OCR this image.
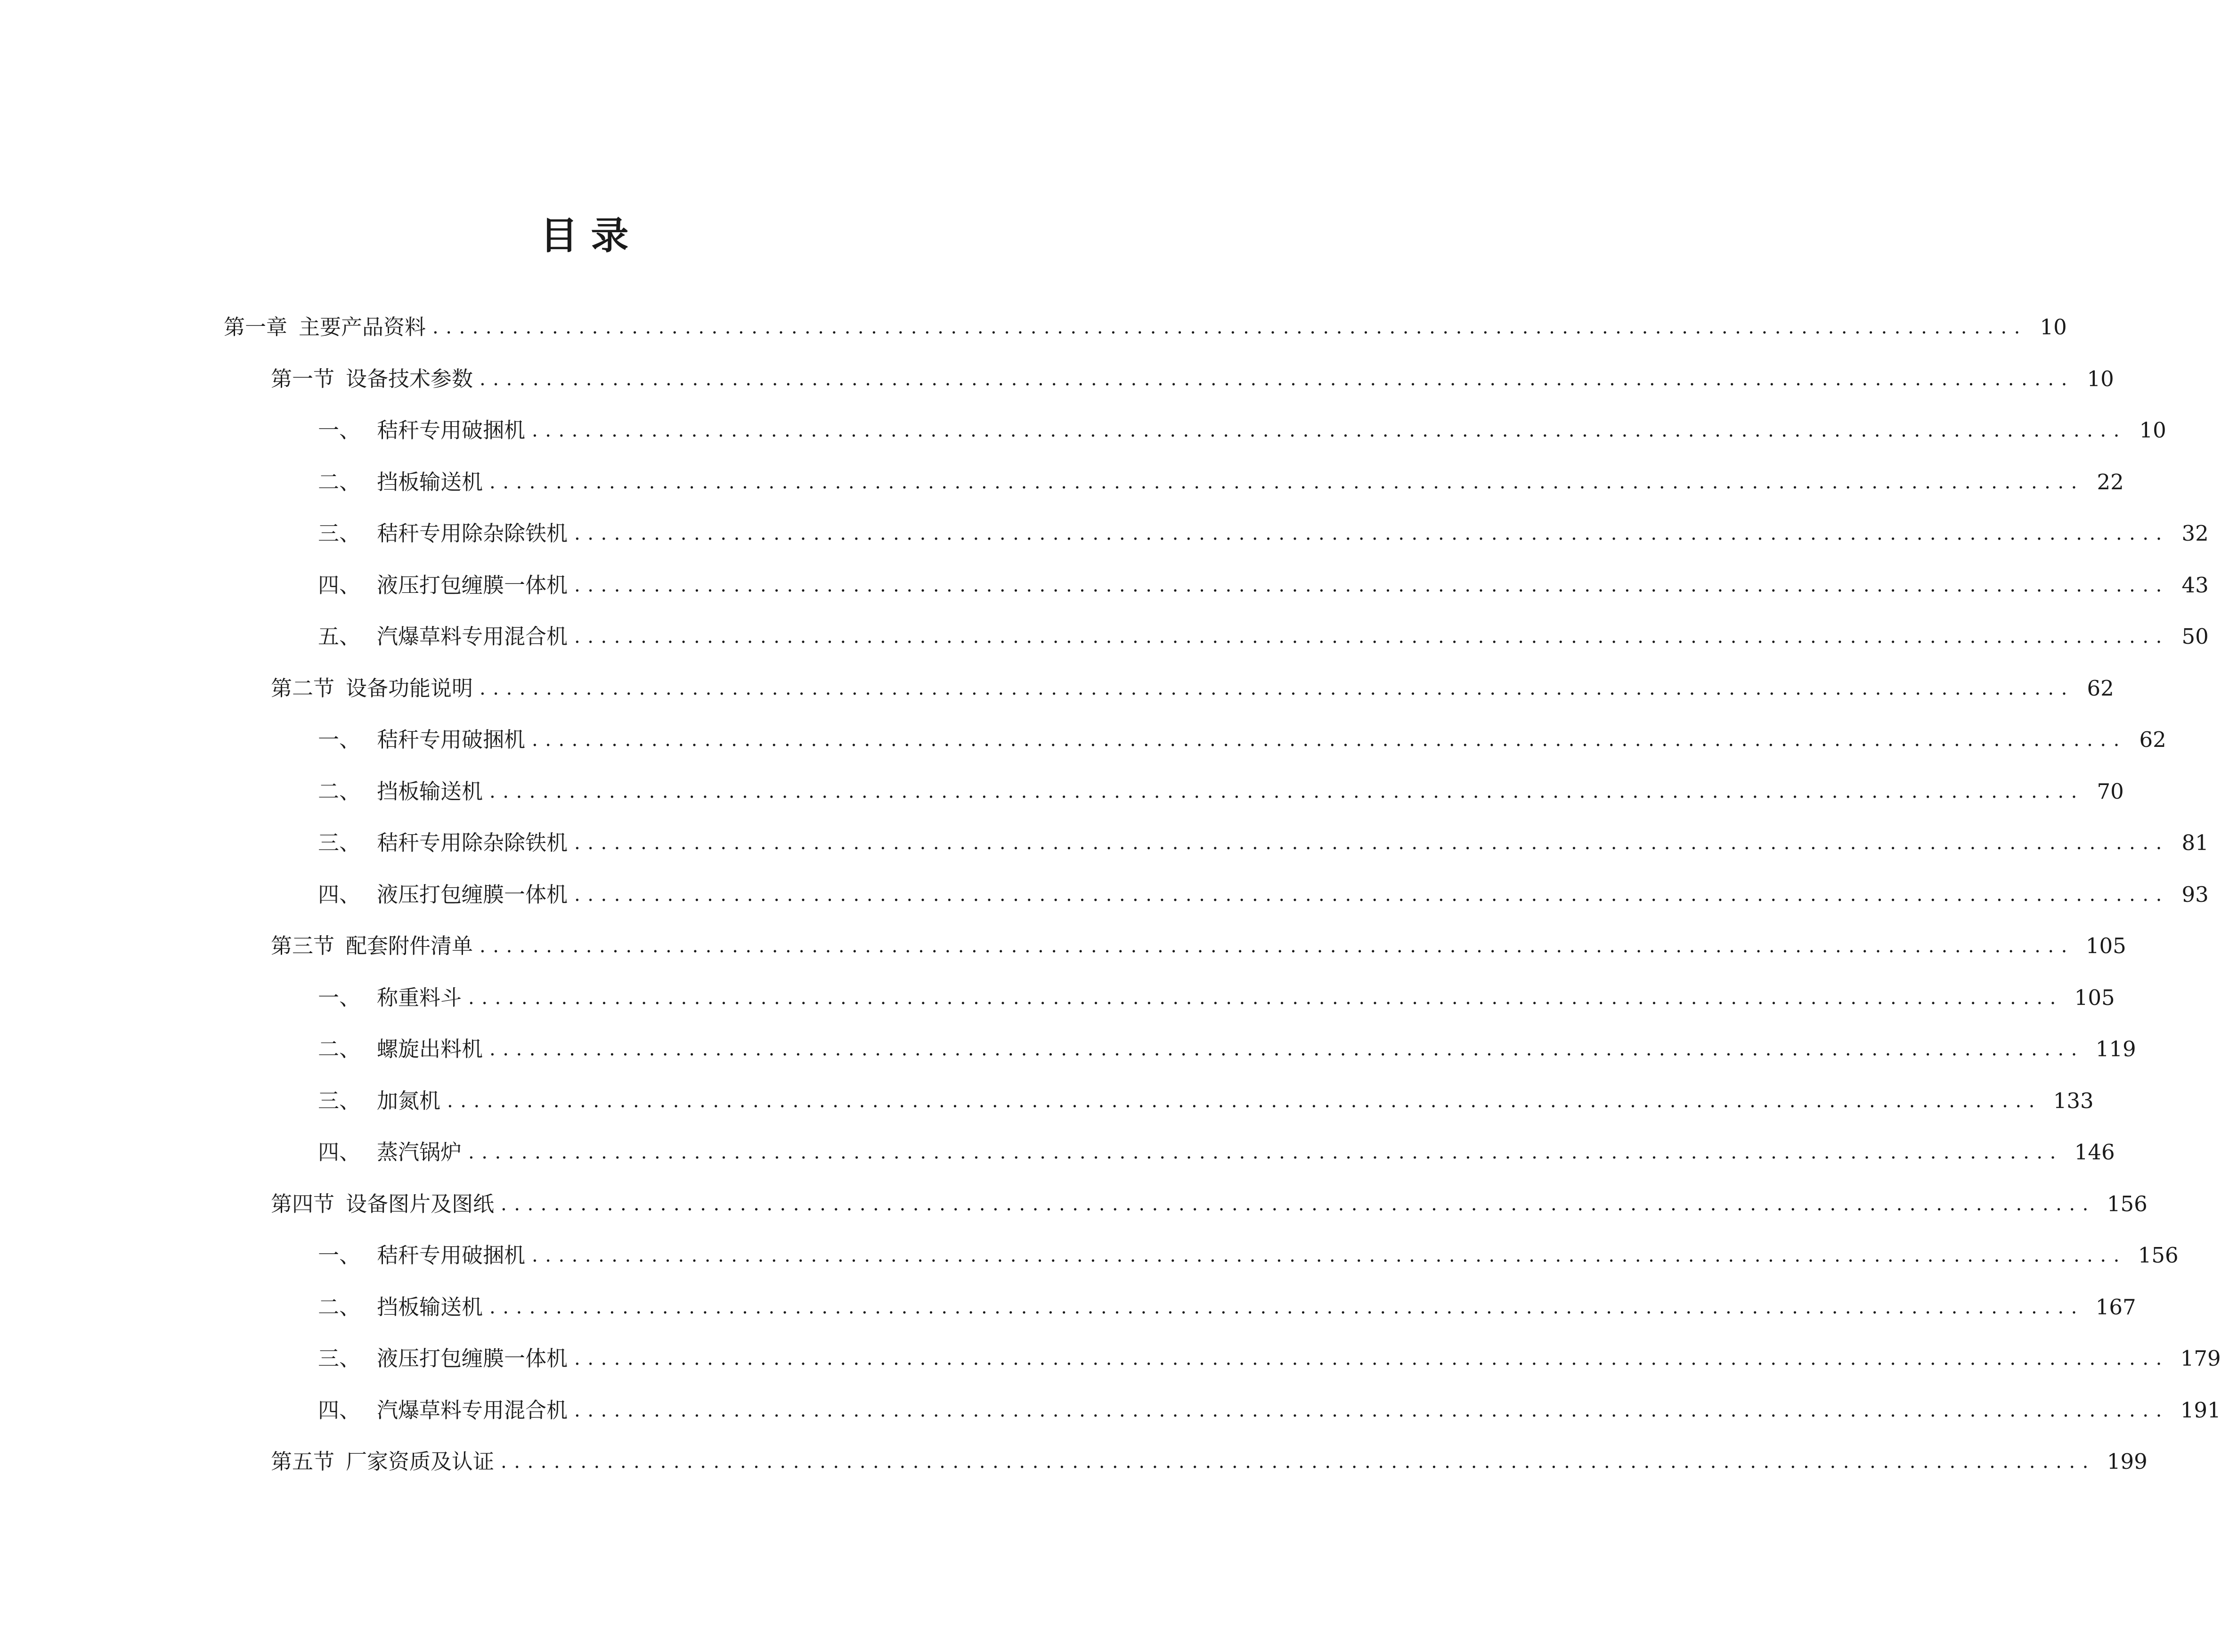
目 录
第一章 主要产品资料 ........................................................................................................................ 10
第一节 设备技术参数 ........................................................................................................................ 10
一、 秸秆专用破捆机 ........................................................................................................................ 10
二、 挡板输送机 ........................................................................................................................ 22
三、 秸秆专用除杂除铁机 ........................................................................................................................ 32
四、 液压打包缠膜一体机 ........................................................................................................................ 43
五、 汽爆草料专用混合机 ........................................................................................................................ 50
第二节 设备功能说明 ........................................................................................................................ 62
一、 秸秆专用破捆机 ........................................................................................................................ 62
二、 挡板输送机 ........................................................................................................................ 70
三、 秸秆专用除杂除铁机 ........................................................................................................................ 81
四、 液压打包缠膜一体机 ........................................................................................................................ 93
第三节 配套附件清单 ........................................................................................................................ 105
一、 称重料斗 ........................................................................................................................ 105
二、 螺旋出料机 ........................................................................................................................ 119
三、 加氮机 ........................................................................................................................ 133
四、 蒸汽锅炉 ........................................................................................................................ 146
第四节 设备图片及图纸 ........................................................................................................................ 156
一、 秸秆专用破捆机 ........................................................................................................................ 156
二、 挡板输送机 ........................................................................................................................ 167
三、 液压打包缠膜一体机 ........................................................................................................................ 179
四、 汽爆草料专用混合机 ........................................................................................................................ 191
第五节 厂家资质及认证 ........................................................................................................................ 199
